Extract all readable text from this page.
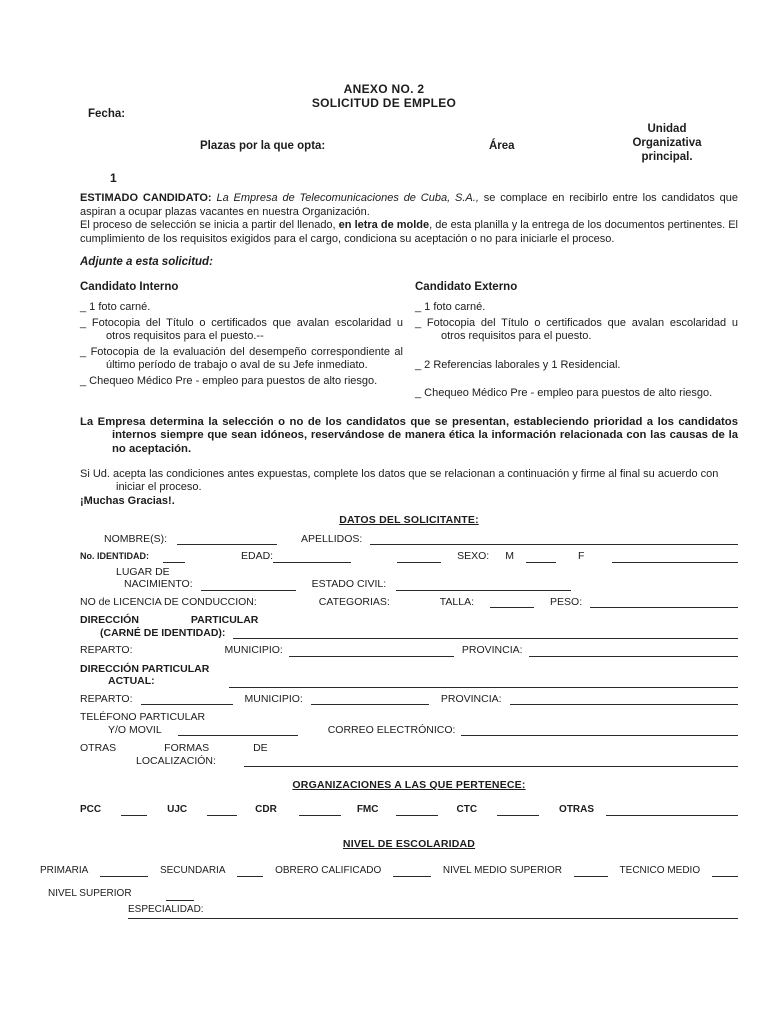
ANEXO NO. 2
SOLICITUD DE EMPLEO
Fecha:
Plazas por la que opta:	Área
Unidad Organizativa principal.
1

ESTIMADO CANDIDATO: La Empresa de Telecomunicaciones de Cuba, S.A., se complace en recibirlo entre los candidatos que aspiran a ocupar plazas vacantes en nuestra Organización.
El proceso de selección se inicia a partir del llenado, en letra de molde, de esta planilla y la entrega de los documentos pertinentes. El cumplimiento de los requisitos exigidos para el cargo, condiciona su aceptación o no para iniciarle el proceso.

Adjunte a esta solicitud:
Candidato Interno
_ 1 foto carné.
_ Fotocopia del Título o certificados que avalan escolaridad u otros requisitos para el puesto.--
_ Fotocopia de la evaluación del desempeño correspondiente al último período de trabajo o aval de su Jefe inmediato.
_ Chequeo Médico Pre - empleo para puestos de alto riesgo.
Candidato Externo
_ 1 foto carné.
_ Fotocopia del Título o certificados que avalan escolaridad u otros requisitos para el puesto.
_ 2 Referencias laborales y 1 Residencial.
_ Chequeo Médico Pre - empleo para puestos de alto riesgo.

La Empresa determina la selección o no de los candidatos que se presentan, estableciendo prioridad a los candidatos internos siempre que sean idóneos, reservándose de manera ética la información relacionada con las causas de la no aceptación.

Si Ud. acepta las condiciones antes expuestas, complete los datos que se relacionan a continuación y firme al final su acuerdo con iniciar el proceso.

¡Muchas Gracias!.
DATOS DEL SOLICITANTE:
NOMBRE(S):	APELLIDOS:
No. IDENTIDAD:	EDAD:	SEXO: M	F
LUGAR DE
NACIMIENTO:	ESTADO CIVIL:
NO de LICENCIA DE CONDUCCION:	CATEGORIAS:	TALLA:	PESO:
DIRECCIÓN	PARTICULAR
(CARNÉ DE IDENTIDAD):
REPARTO:	MUNICIPIO:	PROVINCIA:
DIRECCIÓN PARTICULAR
ACTUAL:
REPARTO:	MUNICIPIO:	PROVINCIA:
TELÉFONO PARTICULAR
Y/O MOVIL	CORREO ELECTRÓNICO:
OTRAS	FORMAS	DE
LOCALIZACIÓN:
ORGANIZACIONES A LAS QUE PERTENECE:
PCC	UJC	CDR	FMC	CTC	OTRAS
NIVEL DE ESCOLARIDAD
PRIMARIA	SECUNDARIA	OBRERO CALIFICADO	NIVEL MEDIO SUPERIOR	TECNICO MEDIO
NIVEL SUPERIOR
ESPECIALIDAD:
